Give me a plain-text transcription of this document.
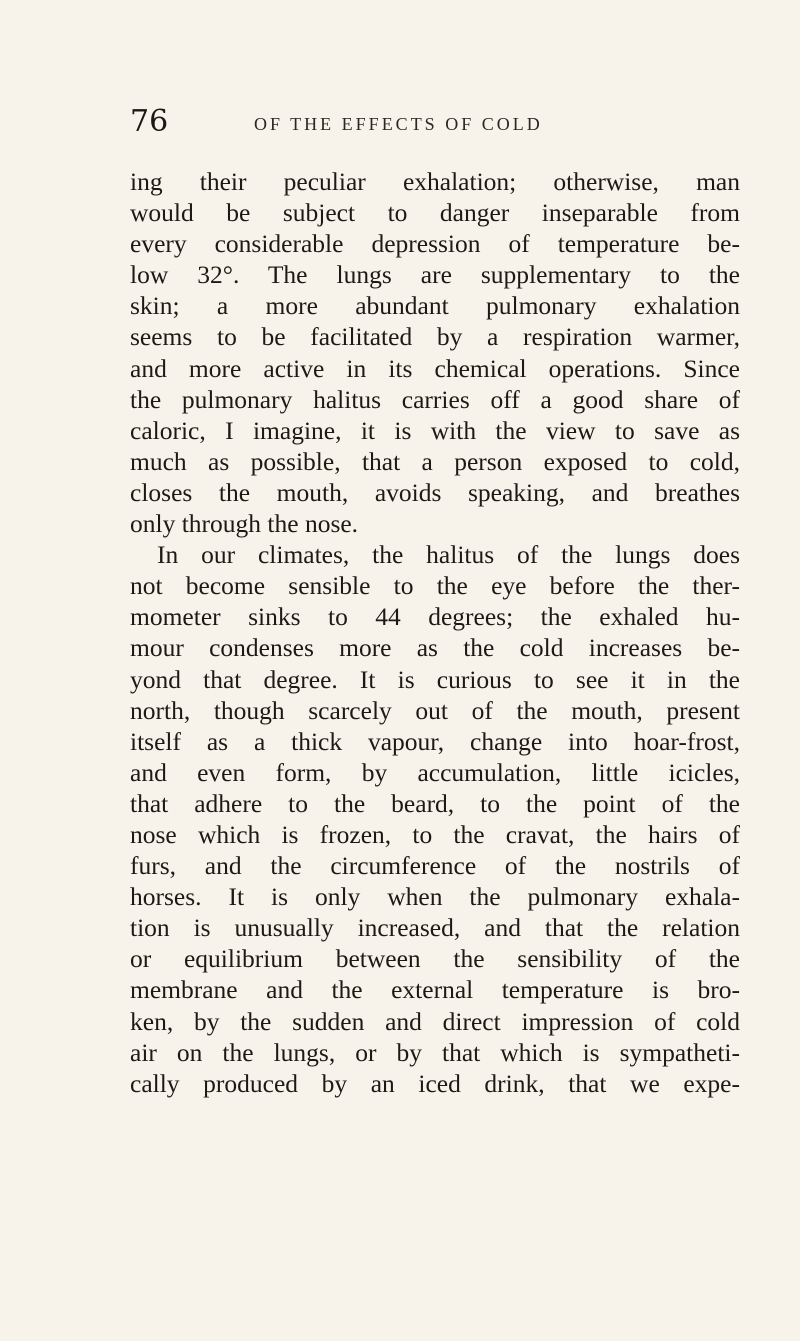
76	OF THE EFFECTS OF COLD
ing their peculiar exhalation; otherwise, man
would be subject to danger inseparable from
every considerable depression of temperature be-
low 32°. The lungs are supplementary to the
skin; a more abundant pulmonary exhalation
seems to be facilitated by a respiration warmer,
and more active in its chemical operations. Since
the pulmonary halitus carries off a good share of
caloric, I imagine, it is with the view to save as
much as possible, that a person exposed to cold,
closes the mouth, avoids speaking, and breathes
only through the nose.
In our climates, the halitus of the lungs does
not become sensible to the eye before the ther-
mometer sinks to 44 degrees; the exhaled hu-
mour condenses more as the cold increases be-
yond that degree. It is curious to see it in the
north, though scarcely out of the mouth, present
itself as a thick vapour, change into hoar-frost,
and even form, by accumulation, little icicles,
that adhere to the beard, to the point of the
nose which is frozen, to the cravat, the hairs of
furs, and the circumference of the nostrils of
horses. It is only when the pulmonary exhala-
tion is unusually increased, and that the relation
or equilibrium between the sensibility of the
membrane and the external temperature is bro-
ken, by the sudden and direct impression of cold
air on the lungs, or by that which is sympatheti-
cally produced by an iced drink, that we expe-
